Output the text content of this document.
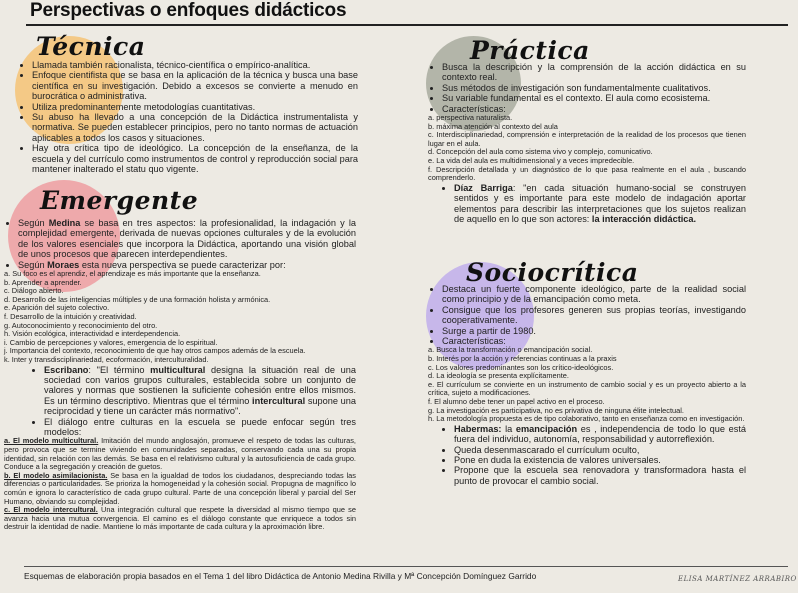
Perspectivas o enfoques didácticos
Técnica
• Llamada también racionalista, técnico-científica o empírico-analítica.
• Enfoque cientifista que se basa en la aplicación de la técnica y busca una base científica en su investigación. Debido a excesos se convierte a menudo en burocrática o administrativa.
• Utiliza predominantemente metodologías cuantitativas.
• Su abuso ha llevado a una concepción de la Didáctica instrumentalista y normativa. Se pueden establecer principios, pero no tanto normas de actuación aplicables a todos los casos y situaciones.
• Hay otra crítica tipo de ideológico. La concepción de la enseñanza, de la escuela y del currículo como instrumentos de control y reproducción social para mantener inalterado el statu quo vigente.
Emergente
• Según Medina se basa en tres aspectos: la profesionalidad, la indagación y la complejidad emergente, derivada de nuevas opciones culturales y de la evolución de los valores esenciales que incorpora la Didáctica, aportando una visión global de unos procesos que aparecen interdependientes.
• Según Moraes esta nueva perspectiva se puede caracterizar por:

a. Su foco es el aprendiz, el aprendizaje es más importante que la enseñanza.

b. Aprender a aprender.

c. Diálogo abierto.

d. Desarrollo de las inteligencias múltiples y de una formación holista y armónica.

e. Aparición del sujeto colectivo.

f. Desarrollo de la intuición y creatividad.

g. Autoconocimiento y reconocimiento del otro.

h. Visión ecológica, interactividad e interdependencia.

i. Cambio de percepciones y valores, emergencia de lo espiritual.

j. Importancia del contexto, reconocimiento de que hay otros campos además de la escuela.

k. Inter y transdisciplinariedad, ecoformación, interculturalidad.

• Escribano: "El término multicultural designa la situación real de una sociedad con varios grupos culturales, establecida sobre un conjunto de valores y normas que sostienen la suficiente cohesión entre ellos mismos. Es un término descriptivo. Mientras que el término intercultural supone una reciprocidad y tiene un carácter más normativo".
• El diálogo entre culturas en la escuela se puede enfocar según tres modelos:

a. El modelo multicultural. Imitación del mundo anglosajón, promueve el respeto de todas las culturas, pero provoca que se termine viviendo en comunidades separadas, conservando cada una su propia identidad, sin relación con las demás. Se basa en el relativismo cultural y la autosuficiencia de cada grupo. Conduce a la segregación y creación de guetos.

b. El modelo asimilacionista. Se basa en la igualdad de todos los ciudadanos, despreciando todas las diferencias o particularidades. Se prioriza la homogeneidad y la cohesión social. Propugna de magnífico lo común e ignora lo característico de cada grupo cultural. Parte de una concepción liberal y parcial del Ser Humano, obviando su complejidad.

c. El modelo intercultural. Una integración cultural que respete la diversidad al mismo tiempo que se avanza hacia una mutua convergencia. El camino es el diálogo constante que enriquece a todos sin destruir la identidad de nadie. Mantiene lo más importante de cada cultura y la aproximación libre.

Práctica
• Busca la descripción y la comprensión de la acción didáctica en su contexto real.
• Sus métodos de investigación son fundamentalmente cualitativos.
• Su variable fundamental es el contexto. El aula como ecosistema.
• Características:

a. perspectiva naturalista.

b. máxima atención al contexto del aula

c. Interdisciplinariedad, comprensión e interpretación de la realidad de los procesos que tienen lugar en el aula.

d. Concepción del aula como sistema vivo y complejo, comunicativo.

e. La vida del aula es multidimensional y a veces impredecible.

f. Descripción detallada y un diagnóstico de lo que pasa realmente en el aula , buscando comprenderlo.

• Díaz Barriga: "en cada situación humano-social se construyen sentidos y es importante para este modelo de indagación aportar elementos para describir las interpretaciones que los sujetos realizan de aquello en lo que son actores: la interacción didáctica.
Sociocrítica
• Destaca un fuerte componente ideológico, parte de la realidad social como principio y de la emancipación como meta.
• Consigue que los profesores generen sus propias teorías, investigando cooperativamente.
• Surge a partir de 1980.
• Características:

a. Busca la transformación o emancipación social.

b. Interés por la acción y referencias continuas a la praxis

c. Los valores predominantes son los crítico-ideológicos.

d. La ideología se presenta explícitamente.

e. El currículum se convierte en un instrumento de cambio social y es un proyecto abierto a la crítica, sujeto a modificaciones.

f. El alumno debe tener un papel activo en el proceso.

g. La investigación es participativa, no es privativa de ninguna élite intelectual.

h. La metodología propuesta es de tipo colaborativo, tanto en enseñanza como en investigación.

• Habermas: la emancipación es , independencia de todo lo que está fuera del individuo, autonomía, responsabilidad y autorreflexión.
• Queda desenmascarado el currículum oculto,
• Pone en duda la existencia de valores universales.
• Propone que la escuela sea renovadora y transformadora hasta el punto de provocar el cambio social.
Esquemas de elaboración propia basados en el Tema 1 del libro Didáctica de Antonio Medina Rivilla y Mª Concepción Domínguez Garrido	ELISA MARTÍNEZ ARRABIRO
